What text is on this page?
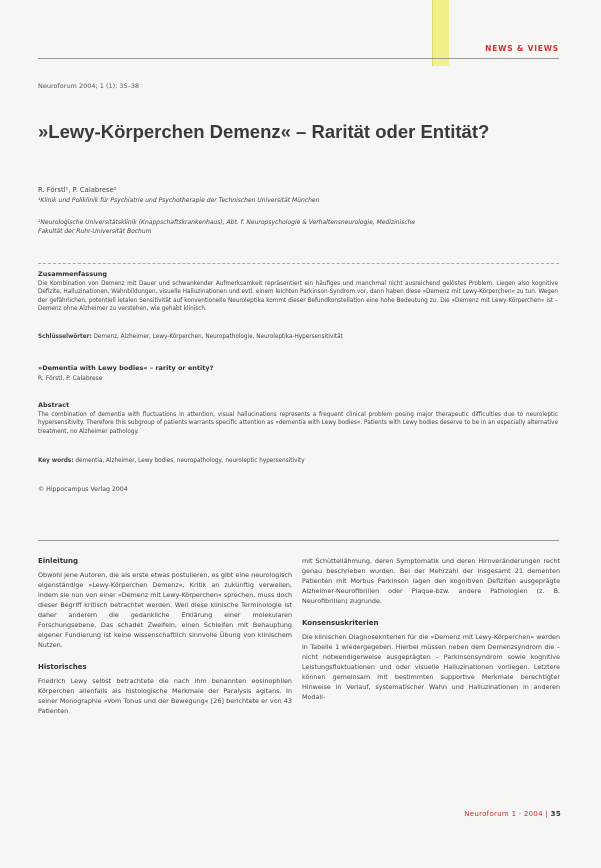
NEWS & VIEWS
Neuroforum 2004; 1 (1): 35–38
»Lewy-Körperchen Demenz« – Rarität oder Entität?
R. Förstl¹, P. Calabrese²
¹Klinik und Poliklinik für Psychiatrie und Psychotherapie der Technischen Universität München
²Neurologische Universitätsklinik (Knappschaftskrankenhaus), Abt. f. Neuropsychologie & Verhaltensneurologie, Medizinische Fakultät der Ruhr-Universität Bochum
Zusammenfassung
Die Kombination von Demenz mit Dauer und schwankender Aufmerksamkeit repräsentiert ein häufiges und manchmal nicht ausreichend gelöstes Problem. Liegen also kognitive Defizite, Halluzinationen, Wahnbildungen, visuelle Halluzinationen und evtl. einem leichten Parkinson-Syndrom vor, dann haben diese »Demenz mit Lewy-Körperchen« zu tun. Wegen der gefährlichen, potentiell letalen Sensitivität auf konventionelle Neuroleptika kommt dieser Befundkonstellation eine hohe Bedeutung zu. Die »Demenz mit Lewy-Körperchen« ist – Demenz ohne Alzheimer zu verstehen, wie gehabt klinisch.
Schlüsselwörter: Demenz, Alzheimer, Lewy-Körperchen, Neuropathologie, Neuroleptika-Hypersensitivität
»Dementia with Lewy bodies« – rarity or entity?
R. Förstl, P. Calabrese
Abstract
The combination of dementia with fluctuations in attention, visual hallucinations represents a frequent clinical problem posing major therapeutic difficulties due to neuroleptic hypersensitivity. Therefore this subgroup of patients warrants specific attention as »dementia with Lewy bodies«. Patients with Lewy bodies deserve to be in an especially alternative treatment, no Alzheimer pathology.
Key words: dementia, Alzheimer, Lewy bodies, neuropathology, neuroleptic hypersensitivity
© Hippocampus Verlag 2004
Einleitung

Obwohl jene Autoren, die als erste etwas postulieren, es gibt eine neurologisch eigenständige »Lewy-Körperchen Demenz«, Kritik an zukünftig verweilen, indem sie nun von einer »Demenz mit Lewy-Körperchen« sprechen, muss doch dieser Begriff kritisch betrachtet werden. Weil diese klinische Terminologie ist daher anderem die gedankliche Erklärung einer molekularen Forschungsebene. Das schadet Zweifeln, einen Schleifen mit Behauptung eigener Fundierung ist keine wissenschaftlich sinnvolle Übung von klinischem Nutzen.

Historisches

Friedrich Lewy selbst betrachtete die nach ihm benannten eosinophilen Körperchen allenfalls als histologische Merkmale der Paralysis agitans. In seiner Monographie »Vom Tonus und der Bewegung« [26] berichtete er von 43 Patienten

mit Schüttellähmung, deren Symptomatik und deren Hirnveränderungen recht genau beschrieben wurden. Bei der Mehrzahl der insgesamt 21 dementen Patienten mit Morbus Parkinson lagen den kognitiven Defiziten ausgeprägte Alzheimer-Neurofibrillen oder Plaque-bzw. andere Pathologien (z. B. Neurofibrillen) zugrunde.

Konsensuskriterien

Die klinischen Diagnosekriterien für die »Demenz mit Lewy-Körperchen« werden in Tabelle 1 wiedergegeben. Hierbei müssen neben dem Demenzsyndrom die – nicht notwendigerweise ausgeprägten – Parkinsonsyndrom sowie kognitive Leistungsfluktuationen und oder visuelle Halluzinationen vorliegen. Letztere können gemeinsam mit bestimmten supportive Merkmale berechtigter Hinweise in Verlauf, systematischer Wahn und Halluzinationen in anderen Modali-

Neuroforum 1 · 2004 | 35
